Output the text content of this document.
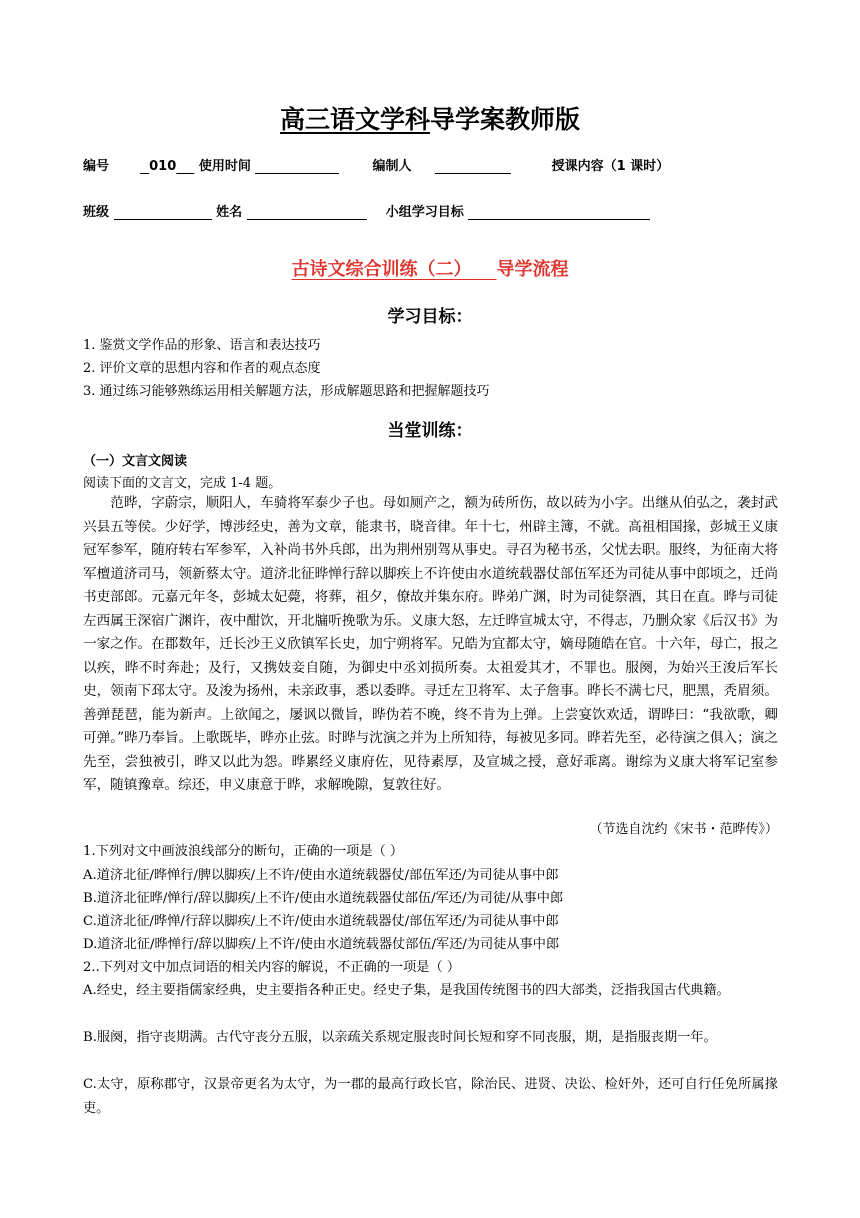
高三语文学科导学案教师版
编号	010 使用时间	编制人	授课内容（1 课时）
班级	姓名	小组学习目标
古诗文综合训练（二） 导学流程
学习目标：
1. 鉴赏文学作品的形象、语言和表达技巧
2. 评价文章的思想内容和作者的观点态度
3. 通过练习能够熟练运用相关解题方法，形成解题思路和把握解题技巧
当堂训练：
（一）文言文阅读
阅读下面的文言文，完成 1-4 题。

范晔，字蔚宗，顺阳人，车骑将军泰少子也。母如厕产之，额为砖所伤，故以砖为小字。出继从伯弘之，袭封武兴县五等侯。少好学，博涉经史，善为文章，能隶书，晓音律。年十七，州辟主簿，不就。高祖相国掾，彭城王义康冠军参军，随府转右军参军，入补尚书外兵郎，出为荆州别驾从事史。寻召为秘书丞，父忧去职。服终，为征南大将军檀道济司马，领新蔡太守。道济北征晔惮行辞以脚疾上不许使由水道统载器仗部伍军还为司徒从事中郎顷之，迁尚书吏部郎。元嘉元年冬，彭城太妃薨，将葬，祖夕，僚故并集东府。晔弟广渊，时为司徒祭酒，其日在直。晔与司徒左西属王深宿广渊许，夜中酣饮，开北牖听挽歌为乐。义康大怒，左迁晔宣城太守，不得志，乃删众家《后汉书》为一家之作。在郡数年，迁长沙王义欣镇军长史，加宁朔将军。兄皓为宜都太守，嫡母随皓在官。十六年，母亡，报之以疾，晔不时奔赴；及行，又携妓妾自随，为御史中丞刘损所奏。太祖爱其才，不罪也。服阕，为始兴王浚后军长史，领南下邳太守。及浚为扬州，未亲政事，悉以委晔。寻迁左卫将军、太子詹事。晔长不满七尺，肥黑，秃眉须。善弹琵琶，能为新声。上欲闻之，屡讽以微旨，晔伪若不晚，终不肯为上弹。上尝宴饮欢适，谓晔曰：“我欲歌，卿可弹。”晔乃奉旨。上歌既毕，晔亦止弦。时晔与沈演之并为上所知待，每被见多同。晔若先至，必待演之俱入；演之先至，尝独被引，晔又以此为怨。晔累经义康府佐，见待素厚，及宣城之授，意好乖离。谢综为义康大将军记室参军，随镇豫章。综还，申义康意于晔，求解晚隙，复敦往好。

（节选自沈约《宋书・范晔传》）

1.下列对文中画波浪线部分的断句，正确的一项是（ ）

A.道济北征/晔惮行/脾以脚疾/上不许/使由水道统载器仗/部伍军还/为司徒从事中郎

B.道济北征晔/惮行/辞以脚疾/上不许/使由水道统载器仗部伍/军还/为司徒/从事中郎

C.道济北征/晔惮/行辞以脚疾/上不许/使由水道统载器仗/部伍军还/为司徒从事中郎

D.道济北征/晔惮行/辞以脚疾/上不许/使由水道统载器仗部伍/军还/为司徒从事中郎

2..下列对文中加点词语的相关内容的解说，不正确的一项是（ ）

A.经史，经主要指儒家经典，史主要指各种正史。经史子集，是我国传统图书的四大部类，泛指我国古代典籍。

B.服阕，指守丧期满。古代守丧分五服，以亲疏关系规定服丧时间长短和穿不同丧服，期，是指服丧期一年。

C.太守，原称郡守，汉景帝更名为太守，为一郡的最高行政长官，除治民、进贤、决讼、检奸外，还可自行任免所属掾吏。
